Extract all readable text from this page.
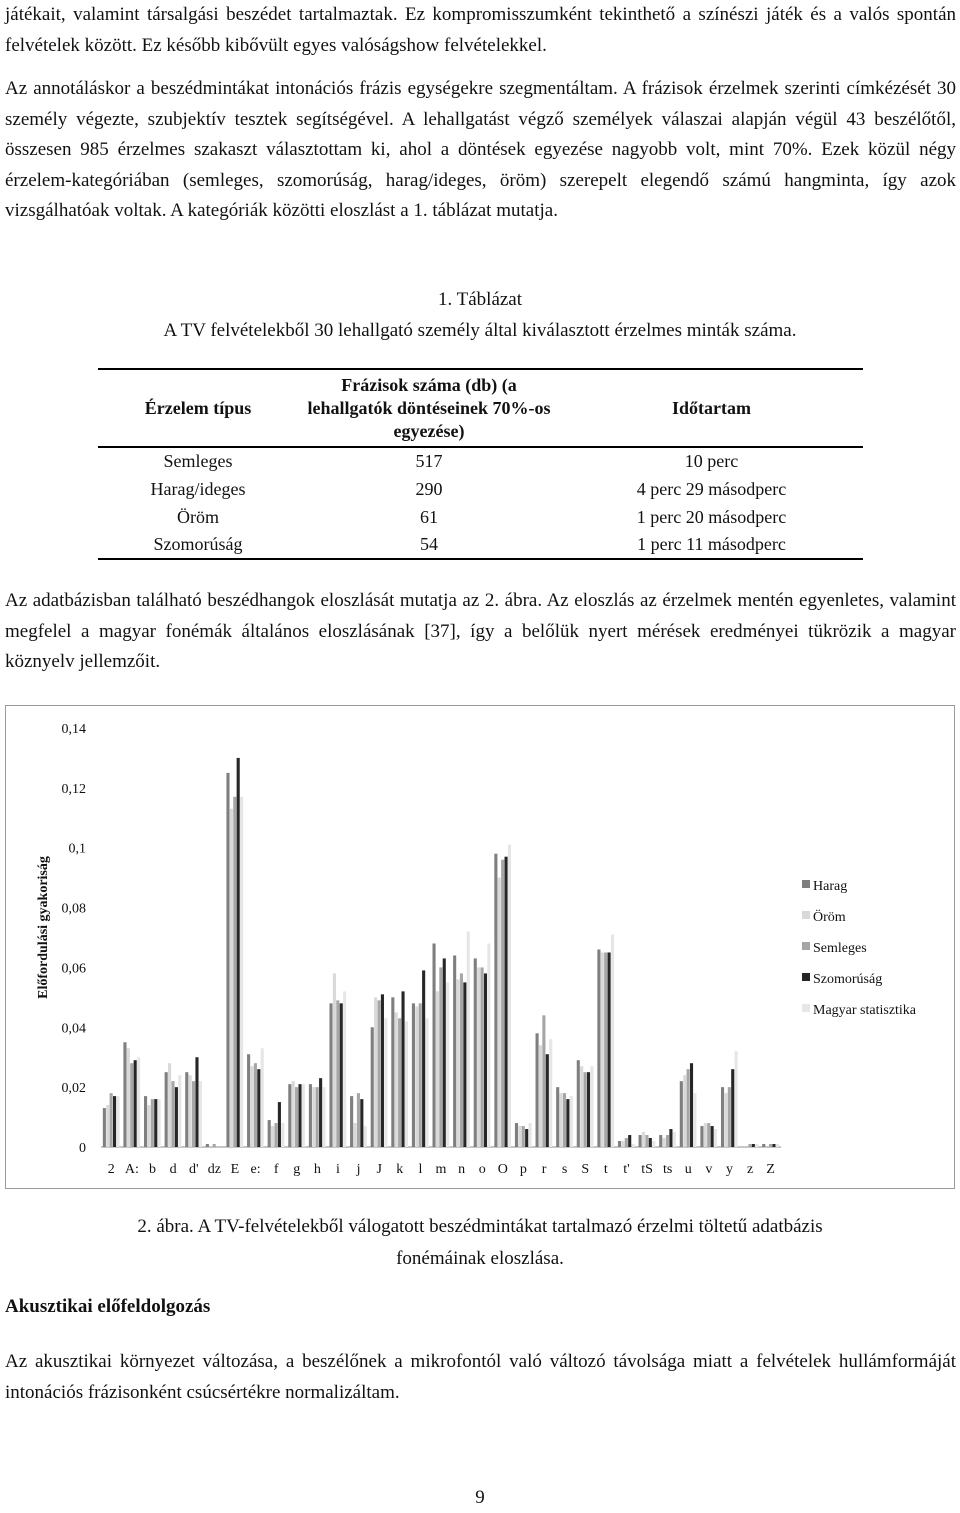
játékait, valamint társalgási beszédet tartalmaztak. Ez kompromisszumként tekinthető a színészi játék és a valós spontán felvételek között. Ez később kibővült egyes valóságshow felvételekkel.

Az annotáláskor a beszédmintákat intonációs frázis egységekre szegmentáltam. A frázisok érzelmek szerinti címkézését 30 személy végezte, szubjektív tesztek segítségével. A lehallgatást végző személyek válaszai alapján végül 43 beszélőtől, összesen 985 érzelmes szakaszt választottam ki, ahol a döntések egyezése nagyobb volt, mint 70%. Ezek közül négy érzelem-kategóriában (semleges, szomorúság, harag/ideges, öröm) szerepelt elegendő számú hangminta, így azok vizsgálhatóak voltak. A kategóriák közötti eloszlást a 1. táblázat mutatja.

1. Táblázat

A TV felvételekből 30 lehallgató személy által kiválasztott érzelmes minták száma.

Érzelem típus	Frázisok száma (db) (a lehallgatók döntéseinek 70%-os egyezése)	Időtartam
Semleges	517	10 perc
Harag/ideges	290	4 perc 29 másodperc
Öröm	61	1 perc 20 másodperc
Szomorúság	54	1 perc 11 másodperc

Az adatbázisban található beszédhangok eloszlását mutatja az 2. ábra. Az eloszlás az érzelmek mentén egyenletes, valamint megfelel a magyar fonémák általános eloszlásának [37], így a belőlük nyert mérések eredményei tükrözik a magyar köznyelv jellemzőit.

0
0,02
0,04
0,06
0,08
0,1
0,12
0,14
Előfordulási gyakoriság
2 A: b d d' dz E e: f g h i j J k l m n o O p r s S t t' tS ts u v y z Z
Harag
Öröm
Semleges
Szomorúság
Magyar statisztika

2. ábra. A TV-felvételekből válogatott beszédmintákat tartalmazó érzelmi töltetű adatbázis

fonémáinak eloszlása.

Akusztikai előfeldolgozás

Az akusztikai környezet változása, a beszélőnek a mikrofontól való változó távolsága miatt a felvételek hullámformáját intonációs frázisonként csúcsértékre normalizáltam.

9
